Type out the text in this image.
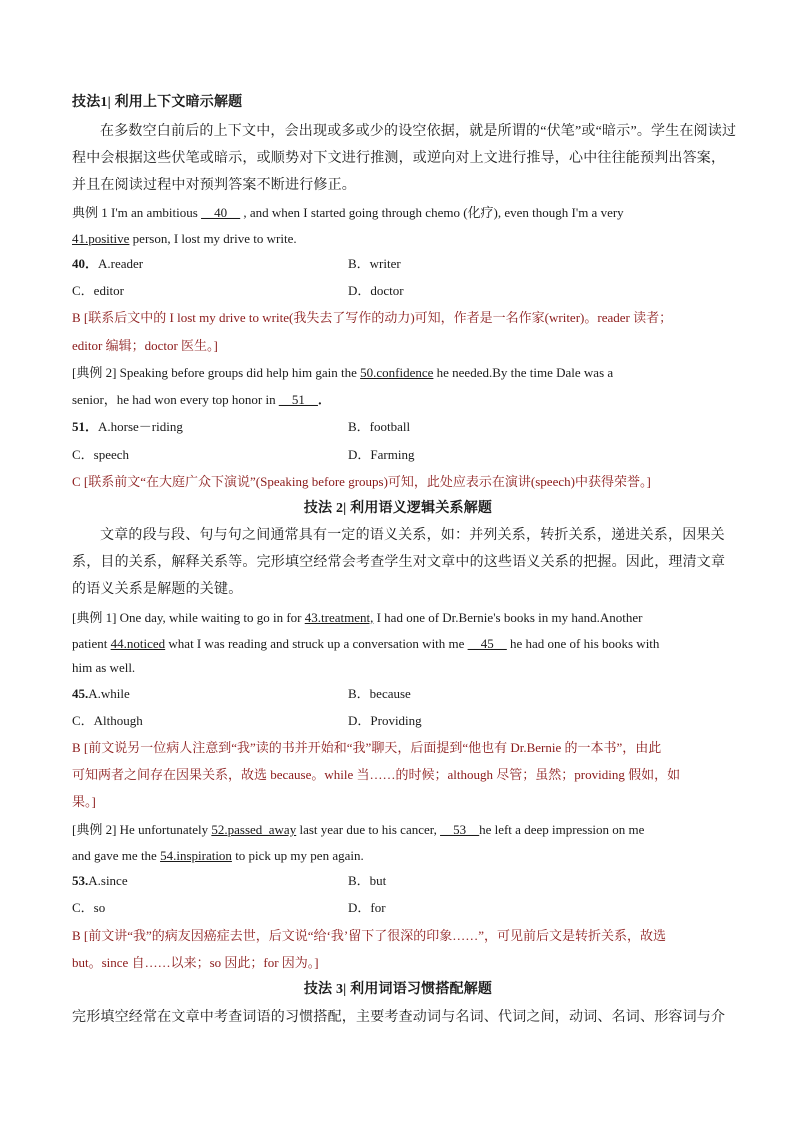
技法1| 利用上下文暗示解题
在多数空白前后的上下文中，会出现或多或少的设空依据，就是所谓的“伏笔”或“暗示”。学生在阅读过
程中会根据这些伏笔或暗示，或顺势对下文进行推测，或逆向对上文进行推导，心中往往能预判出答案，
并且在阅读过程中对预判答案不断进行修正。
典例 1 I'm an ambitious __40__ , and when I started going through chemo (化疗), even though I'm a very
41.positive person, I lost my drive to write.
40．A.reader	B．writer
C．editor	D．doctor
B [联系后文中的 I lost my drive to write(我失去了写作的动力)可知，作者是一名作家(writer)。reader 读者；
editor 编辑；doctor 医生。]
[典例 2] Speaking before groups did help him gain the 50.confidence he needed.By the time Dale was a
senior，he had won every top honor in __51__．
51．A.horse－riding	B．football
C．speech	D．Farming
C [联系前文“在大庭广众下演说”(Speaking before groups)可知，此处应表示在演讲(speech)中获得荣誉。]
技法 2| 利用语义逻辑关系解题
文章的段与段、句与句之间通常具有一定的语义关系，如：并列关系，转折关系，递进关系，因果关
系，目的关系，解释关系等。完形填空经常会考查学生对文章中的这些语义关系的把握。因此，理清文章
的语义关系是解题的关键。
[典例 1] One day, while waiting to go in for 43.treatment, I had one of Dr.Bernie's books in my hand.Another
patient 44.noticed what I was reading and struck up a conversation with me __45__ he had one of his books with
him as well.
45.A.while	B．because
C．Although	D．Providing
B [前文说另一位病人注意到“我”读的书并开始和“我”聊天，后面提到“他也有 Dr.Bernie 的一本书”，由此
可知两者之间存在因果关系，故选 because。while 当……的时候；although 尽管；虽然；providing 假如，如
果。]
[典例 2] He unfortunately 52.passed_away last year due to his cancer, __53__he left a deep impression on me
and gave me the 54.inspiration to pick up my pen again.
53.A.since	B．but
C．so	D．for
B [前文讲“我”的病友因癌症去世，后文说“给‘我’留下了很深的印象……”，可见前后文是转折关系，故选
but。since 自……以来；so 因此；for 因为。]
技法 3| 利用词语习惯搭配解题
完形填空经常在文章中考查词语的习惯搭配，主要考查动词与名词、代词之间，动词、名词、形容词与介
